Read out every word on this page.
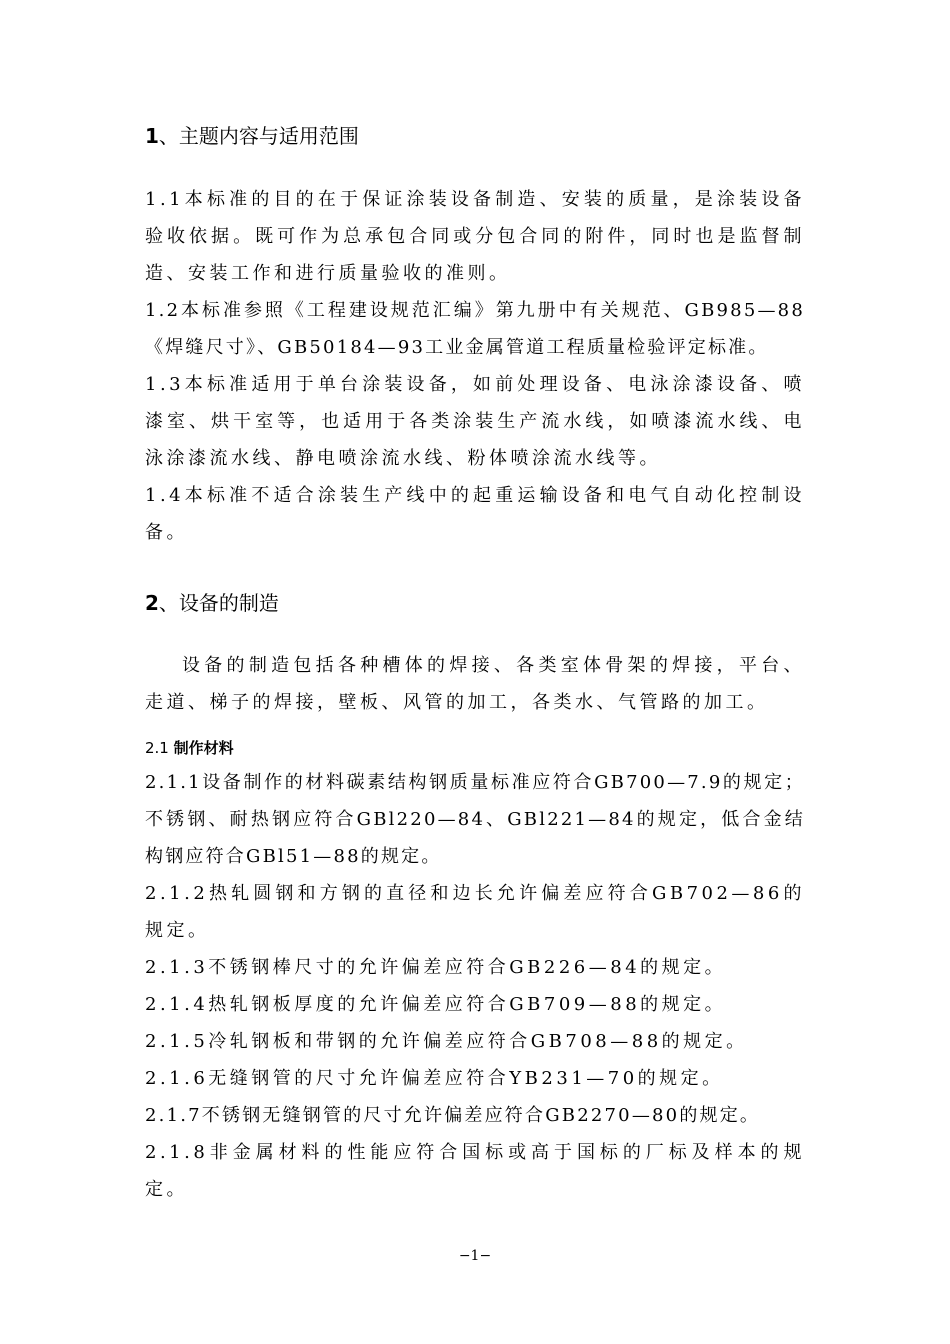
1、主题内容与适用范围
1.1本标准的目的在于保证涂装设备制造、安装的质量，是涂装设备验收依据。既可作为总承包合同或分包合同的附件，同时也是监督制造、安装工作和进行质量验收的准则。
1.2本标准参照《工程建设规范汇编》第九册中有关规范、GB985—88《焊缝尺寸》、GB50184—93工业金属管道工程质量检验评定标准。
1.3本标准适用于单台涂装设备，如前处理设备、电泳涂漆设备、喷漆室、烘干室等，也适用于各类涂装生产流水线，如喷漆流水线、电泳涂漆流水线、静电喷涂流水线、粉体喷涂流水线等。
1.4本标准不适合涂装生产线中的起重运输设备和电气自动化控制设备。
2、设备的制造
设备的制造包括各种槽体的焊接、各类室体骨架的焊接，平台、走道、梯子的焊接，壁板、风管的加工，各类水、气管路的加工。
2.1 制作材料
2.1.1设备制作的材料碳素结构钢质量标准应符合GB700—7.9的规定；不锈钢、耐热钢应符合GBl220—84、GBl221—84的规定，低合金结构钢应符合GBl51—88的规定。
2.1.2热轧圆钢和方钢的直径和边长允许偏差应符合GB702—86的规定。
2.1.3不锈钢棒尺寸的允许偏差应符合GB226—84的规定。
2.1.4热轧钢板厚度的允许偏差应符合GB709—88的规定。
2.1.5冷轧钢板和带钢的允许偏差应符合GB708—88的规定。
2.1.6无缝钢管的尺寸允许偏差应符合YB231—70的规定。
2.1.7不锈钢无缝钢管的尺寸允许偏差应符合GB2270—80的规定。
2.1.8非金属材料的性能应符合国标或高于国标的厂标及样本的规定。
−1−
